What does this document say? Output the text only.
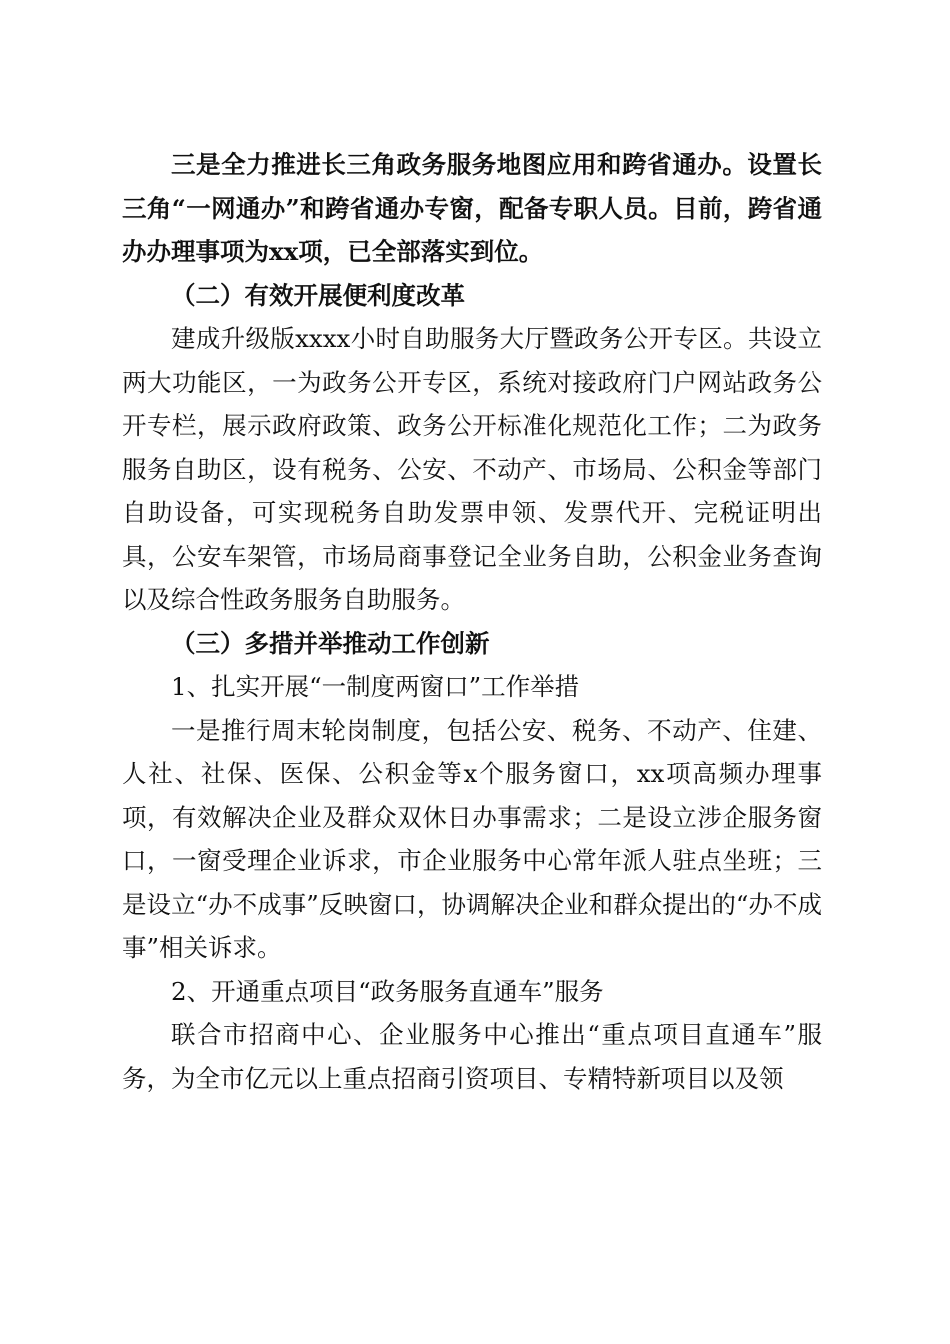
三是全力推进长三角政务服务地图应用和跨省通办。设置长三角“一网通办”和跨省通办专窗，配备专职人员。目前，跨省通办办理事项为xx项，已全部落实到位。

（二）有效开展便利度改革

建成升级版xxxx小时自助服务大厅暨政务公开专区。共设立两大功能区，一为政务公开专区，系统对接政府门户网站政务公开专栏，展示政府政策、政务公开标准化规范化工作；二为政务服务自助区，设有税务、公安、不动产、市场局、公积金等部门自助设备，可实现税务自助发票申领、发票代开、完税证明出具，公安车架管，市场局商事登记全业务自助，公积金业务查询以及综合性政务服务自助服务。

（三）多措并举推动工作创新

1、扎实开展“一制度两窗口”工作举措

一是推行周末轮岗制度，包括公安、税务、不动产、住建、人社、社保、医保、公积金等x个服务窗口，xx项高频办理事项，有效解决企业及群众双休日办事需求；二是设立涉企服务窗口，一窗受理企业诉求，市企业服务中心常年派人驻点坐班；三是设立“办不成事”反映窗口，协调解决企业和群众提出的“办不成事”相关诉求。

2、开通重点项目“政务服务直通车”服务

联合市招商中心、企业服务中心推出“重点项目直通车”服务，为全市亿元以上重点招商引资项目、专精特新项目以及领
